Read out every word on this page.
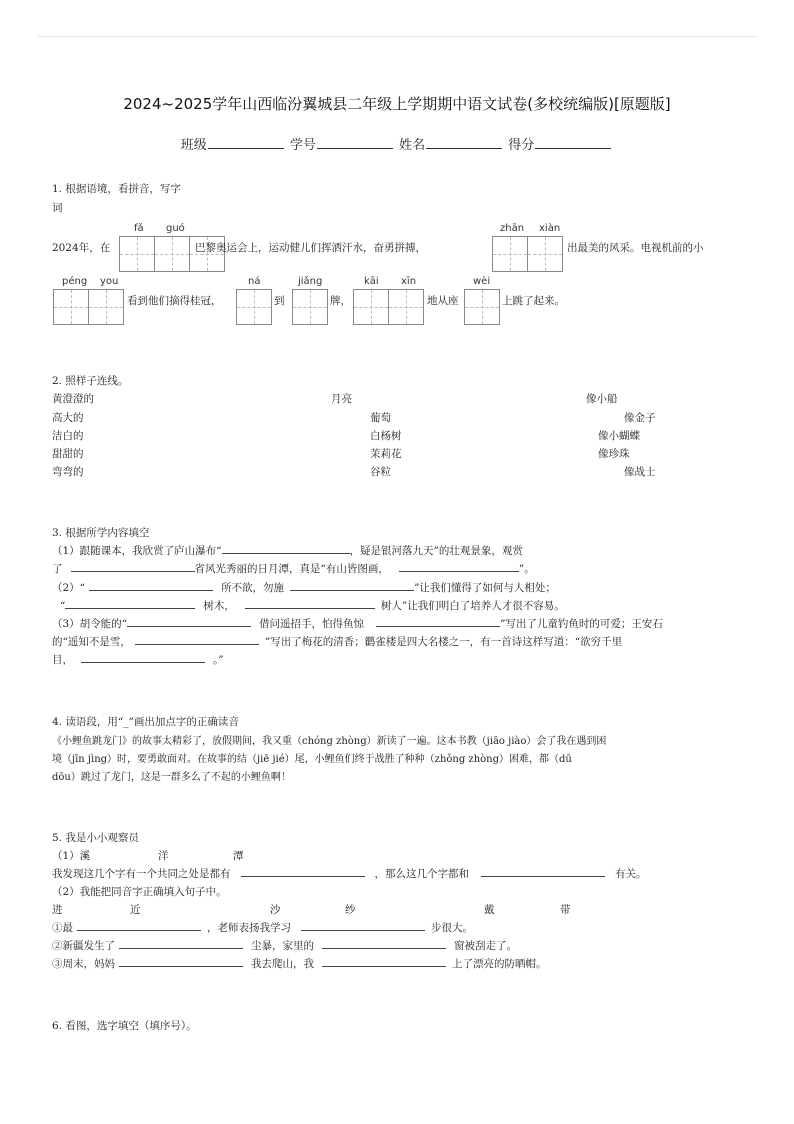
2024~2025学年山西临汾翼城县二年级上学期期中语文试卷(多校统编版)[原题版]
班级	学号	姓名	得分
1. 根据语境，看拼音，写字
词
fǎ guó	zhān xiàn
2024年，在	巴黎奥运会上，运动健儿们挥洒汗水，奋勇拼搏，	出最美的风采。电视机前的小
péng you	ná	jiǎng	kāi xīn	wèi
看到他们摘得桂冠，	到	牌，	地从座	上跳了起来。
2. 照样子连线。
黄澄澄的
高大的
洁白的
甜甜的
弯弯的
月亮
葡萄
白杨树
茉莉花
谷粒
像小船
像金子
像小蝴蝶
像珍珠
像战士
3. 根据所学内容填空
（1）跟随课本，我欣赏了庐山瀑布“	，疑是银河落九天”的壮观景象，观赏
了	省风光秀丽的日月潭，真是“有山皆图画，	”。
（2）“	所不欲，勿施	”让我们懂得了如何与人相处；
“	树木，	树人”让我们明白了培养人才很不容易。
（3）胡令能的“	借问遥招手，怕得鱼惊	”写出了儿童钓鱼时的可爱；王安石
的“遥知不是雪，	”写出了梅花的清香；鹳雀楼是四大名楼之一，有一首诗这样写道：“欲穷千里
目，	。”
4. 读语段，用“_”画出加点字的正确读音
《小鲤鱼跳龙门》的故事太精彩了，放假期间，我又重（chóng zhòng）新读了一遍。这本书教（jiāo jiào）会了我在遇到困
境（jīn jìng）时，要勇敢面对。在故事的结（jiē jié）尾，小鲤鱼们终于战胜了种种（zhǒng zhòng）困难，都（dū
dōu）跳过了龙门，这是一群多么了不起的小鲤鱼啊！
5. 我是小小观察员
（1）溪	洋	潭
我发现这几个字有一个共同之处是都有	，那么这几个字都和	有关。
（2）我能把同音字正确填入句子中。
进	近	沙	纱	戴	带
①最	，老师表扬我学习	步很大。
②新疆发生了	尘暴，家里的	窗被刮走了。
③周末，妈妈	我去爬山，我	上了漂亮的防晒帽。
6. 看图，选字填空（填序号）。
